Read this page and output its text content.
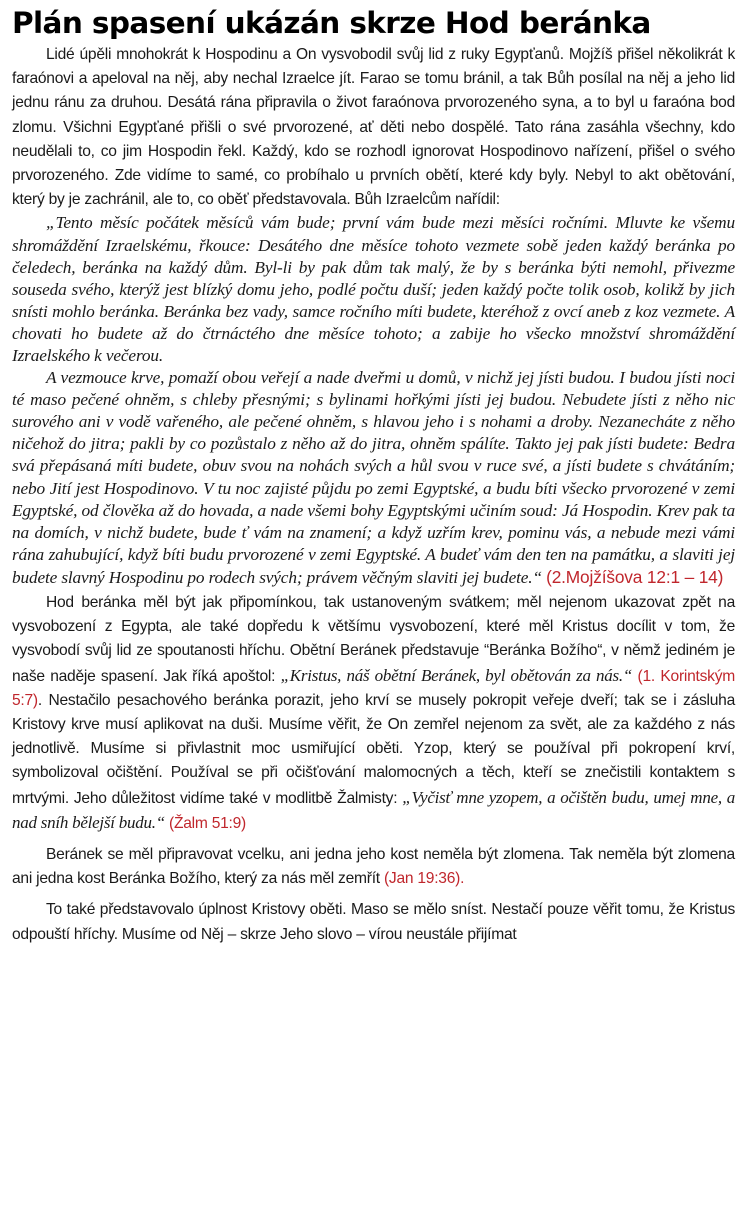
Plán spasení ukázán skrze Hod beránka

Lidé úpěli mnohokrát k Hospodinu a On vysvobodil svůj lid z ruky Egypťanů. Mojžíš přišel několikrát k faraónovi a apeloval na něj, aby nechal Izraelce jít. Farao se tomu bránil, a tak Bůh posílal na něj a jeho lid jednu ránu za druhou. Desátá rána připravila o život faraónova prvorozeného syna, a to byl u faraóna bod zlomu. Všichni Egypťané přišli o své prvorozené, ať děti nebo dospělé. Tato rána zasáhla všechny, kdo neudělali to, co jim Hospodin řekl. Každý, kdo se rozhodl ignorovat Hospodinovo nařízení, přišel o svého prvorozeného. Zde vidíme to samé, co probíhalo u prvních obětí, které kdy byly. Nebyl to akt obětování, který by je zachránil, ale to, co oběť představovala. Bůh Izraelcům nařídil:

„Tento měsíc počátek měsíců vám bude; první vám bude mezi měsíci ročními. Mluvte ke všemu shromáždění Izraelskému, řkouce: Desátého dne měsíce tohoto vezmete sobě jeden každý beránka po čeledech, beránka na každý dům. Byl-li by pak dům tak malý, že by s beránka býti nemohl, přivezme souseda svého, kterýž jest blízký domu jeho, podlé počtu duší; jeden každý počte tolik osob, kolikž by jich snísti mohlo beránka. Beránka bez vady, samce ročního míti budete, kteréhož z ovcí aneb z koz vezmete. A chovati ho budete až do čtrnáctého dne měsíce tohoto; a zabije ho všecko množství shromáždění Izraelského k večerou.

A vezmouce krve, pomaží obou veřejí a nade dveřmi u domů, v nichž jej jísti budou. I budou jísti noci té maso pečené ohněm, s chleby přesnými; s bylinami hořkými jísti jej budou. Nebudete jísti z něho nic surového ani v vodě vařeného, ale pečené ohněm, s hlavou jeho i s nohami a droby. Nezanecháte z něho ničehož do jitra; pakli by co pozůstalo z něho až do jitra, ohněm spálíte. Takto jej pak jísti budete: Bedra svá přepásaná míti budete, obuv svou na nohách svých a hůl svou v ruce své, a jísti budete s chvátáním; nebo Jití jest Hospodinovo. V tu noc zajisté půjdu po zemi Egyptské, a budu bíti všecko prvorozené v zemi Egyptské, od člověka až do hovada, a nade všemi bohy Egyptskými učiním soud: Já Hospodin. Krev pak ta na domích, v nichž budete, bude ť vám na znamení; a když uzřím krev, pominu vás, a nebude mezi vámi rána zahubující, když bíti budu prvorozené v zemi Egyptské. A budeť vám den ten na památku, a slaviti jej budete slavný Hospodinu po rodech svých; právem věčným slaviti jej budete.“ (2.Mojžíšova 12:1 – 14)

Hod beránka měl být jak připomínkou, tak ustanoveným svátkem; měl nejenom ukazovat zpět na vysvobození z Egypta, ale také dopředu k většímu vysvobození, které měl Kristus docílit v tom, že vysvobodí svůj lid ze spoutanosti hříchu. Obětní Beránek představuje “Beránka Božího“, v němž jediném je naše naděje spasení. Jak říká apoštol: „Kristus, náš obětní Beránek, byl obětován za nás.“ (1. Korintským 5:7). Nestačilo pesachového beránka porazit, jeho krví se musely pokropit veřeje dveří; tak se i zásluha Kristovy krve musí aplikovat na duši. Musíme věřit, že On zemřel nejenom za svět, ale za každého z nás jednotlivě. Musíme si přivlastnit moc usmiřující oběti. Yzop, který se používal při pokropení krví, symbolizoval očištění. Používal se při očišťování malomocných a těch, kteří se znečistili kontaktem s mrtvými. Jeho důležitost vidíme také v modlitbě Žalmisty: „Vyčisť mne yzopem, a očištěn budu, umej mne, a nad sníh bělejší budu.“ (Žalm 51:9)

Beránek se měl připravovat vcelku, ani jedna jeho kost neměla být zlomena. Tak neměla být zlomena ani jedna kost Beránka Božího, který za nás měl zemřít (Jan 19:36).

To také představovalo úplnost Kristovy oběti. Maso se mělo sníst. Nestačí pouze věřit tomu, že Kristus odpouští hříchy. Musíme od Něj – skrze Jeho slovo – vírou neustále přijímat
